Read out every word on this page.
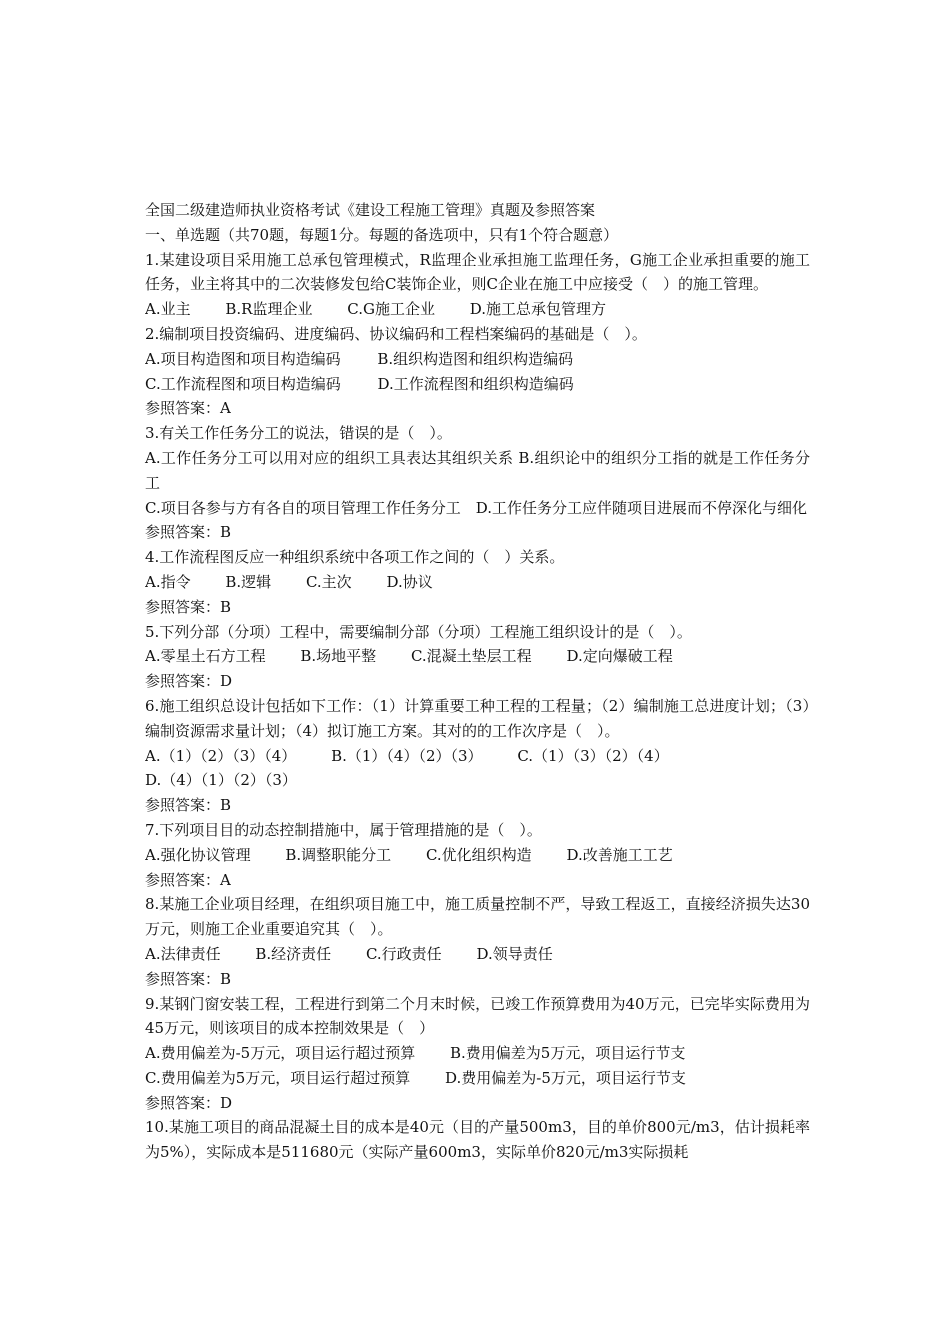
全国二级建造师执业资格考试《建设工程施工管理》真题及参照答案
一、单选题（共70题，每题1分。每题的备选项中，只有1个符合题意）
1.某建设项目采用施工总承包管理模式，R监理企业承担施工监理任务，G施工企业承担重要的施工任务，业主将其中的二次装修发包给C装饰企业，则C企业在施工中应接受（　）的施工管理。
A.业主 B.R监理企业 C.G施工企业 D.施工总承包管理方
2.编制项目投资编码、进度编码、协议编码和工程档案编码的基础是（　）。
A.项目构造图和项目构造编码 B.组织构造图和组织构造编码
C.工作流程图和项目构造编码 D.工作流程图和组织构造编码
参照答案：A
3.有关工作任务分工的说法，错误的是（　）。
A.工作任务分工可以用对应的组织工具表达其组织关系 B.组织论中的组织分工指的就是工作任务分工
C.项目各参与方有各自的项目管理工作任务分工　D.工作任务分工应伴随项目进展而不停深化与细化
参照答案：B
4.工作流程图反应一种组织系统中各项工作之间的（　）关系。
A.指令 B.逻辑 C.主次 D.协议
参照答案：B
5.下列分部（分项）工程中，需要编制分部（分项）工程施工组织设计的是（　）。
A.零星土石方工程 B.场地平整 C.混凝土垫层工程 D.定向爆破工程
参照答案：D
6.施工组织总设计包括如下工作：（1）计算重要工种工程的工程量；（2）编制施工总进度计划；（3）编制资源需求量计划；（4）拟订施工方案。其对的的工作次序是（　）。
A.（1）（2）（3）（4） B.（1）（4）（2）（3） C.（1）（3）（2）（4）
D.（4）（1）（2）（3）
参照答案：B
7.下列项目目的动态控制措施中，属于管理措施的是（　）。
A.强化协议管理 B.调整职能分工 C.优化组织构造 D.改善施工工艺
参照答案：A
8.某施工企业项目经理，在组织项目施工中，施工质量控制不严，导致工程返工，直接经济损失达30万元，则施工企业重要追究其（　）。
A.法律责任 B.经济责任 C.行政责任 D.领导责任
参照答案：B
9.某钢门窗安装工程，工程进行到第二个月末时候，已竣工作预算费用为40万元，已完毕实际费用为45万元，则该项目的成本控制效果是（　）
A.费用偏差为-5万元，项目运行超过预算 B.费用偏差为5万元，项目运行节支
C.费用偏差为5万元，项目运行超过预算 D.费用偏差为-5万元，项目运行节支
参照答案：D
10.某施工项目的商品混凝土目的成本是40元（目的产量500m3，目的单价800元/m3，估计损耗率为5%），实际成本是511680元（实际产量600m3，实际单价820元/m3实际损耗
